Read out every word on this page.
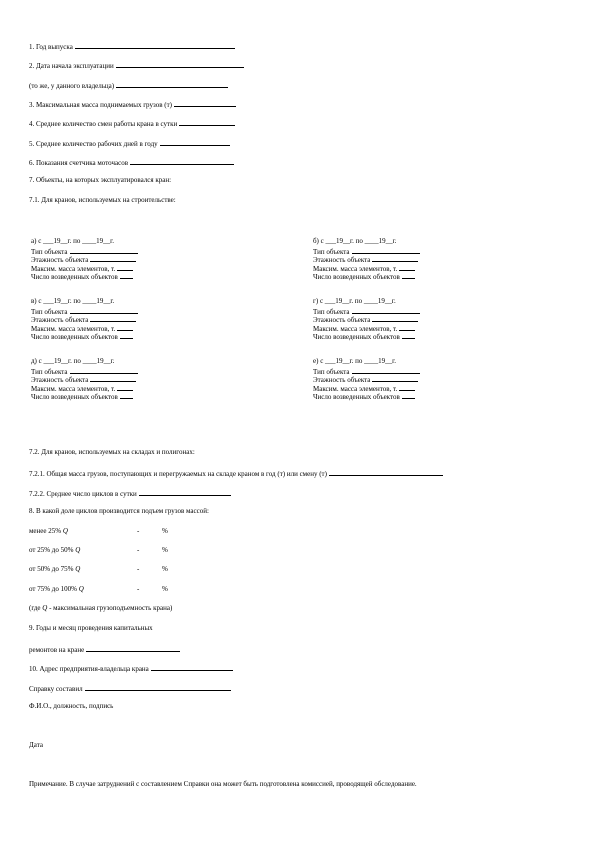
1. Год выпуска
2. Дата начала эксплуатации
(то же, у данного владельца)
3. Максимальная масса поднимаемых грузов (т)
4. Среднее количество смен работы крана в сутки
5. Среднее количество рабочих дней в году
6. Показания счетчика моточасов
7. Объекты, на которых эксплуатировался кран:
7.1. Для кранов, используемых на строительстве:
а) с ___19__г. по ____19__г.
Тип объекта
Этажность объекта
Максим. масса элементов, т.
Число возведенных объектов
б) с ___19__г. по ____19__г.
Тип объекта
Этажность объекта
Максим. масса элементов, т.
Число возведенных объектов
в) с ___19__г. по ____19__г.
Тип объекта
Этажность объекта
Максим. масса элементов, т.
Число возведенных объектов
г) с ___19__г. по ____19__г.
Тип объекта
Этажность объекта
Максим. масса элементов, т.
Число возведенных объектов
д) с ___19__г. по ____19__г.
Тип объекта
Этажность объекта
Максим. масса элементов, т.
Число возведенных объектов
е) с ___19__г. по ____19__г.
Тип объекта
Этажность объекта
Максим. масса элементов, т.
Число возведенных объектов
7.2. Для кранов, используемых на складах и полигонах:
7.2.1. Общая масса грузов, поступающих и перегружаемых на складе краном в год (т) или смену (т)
7.2.2. Среднее число циклов в сутки
8. В какой доле циклов производится подъем грузов массой:
менее 25% Q	-	%
от 25% до 50% Q	-	%
от 50% до 75% Q	-	%
от 75% до 100% Q	-	%
(где Q - максимальная грузоподъемность крана)
9. Годы и месяц проведения капитальных
ремонтов на кране
10. Адрес предприятия-владельца крана
Справку составил
Ф.И.О., должность, подпись
Дата
Примечание. В случае затруднений с составлением Справки она может быть подготовлена комиссией, проводящей обследование.
